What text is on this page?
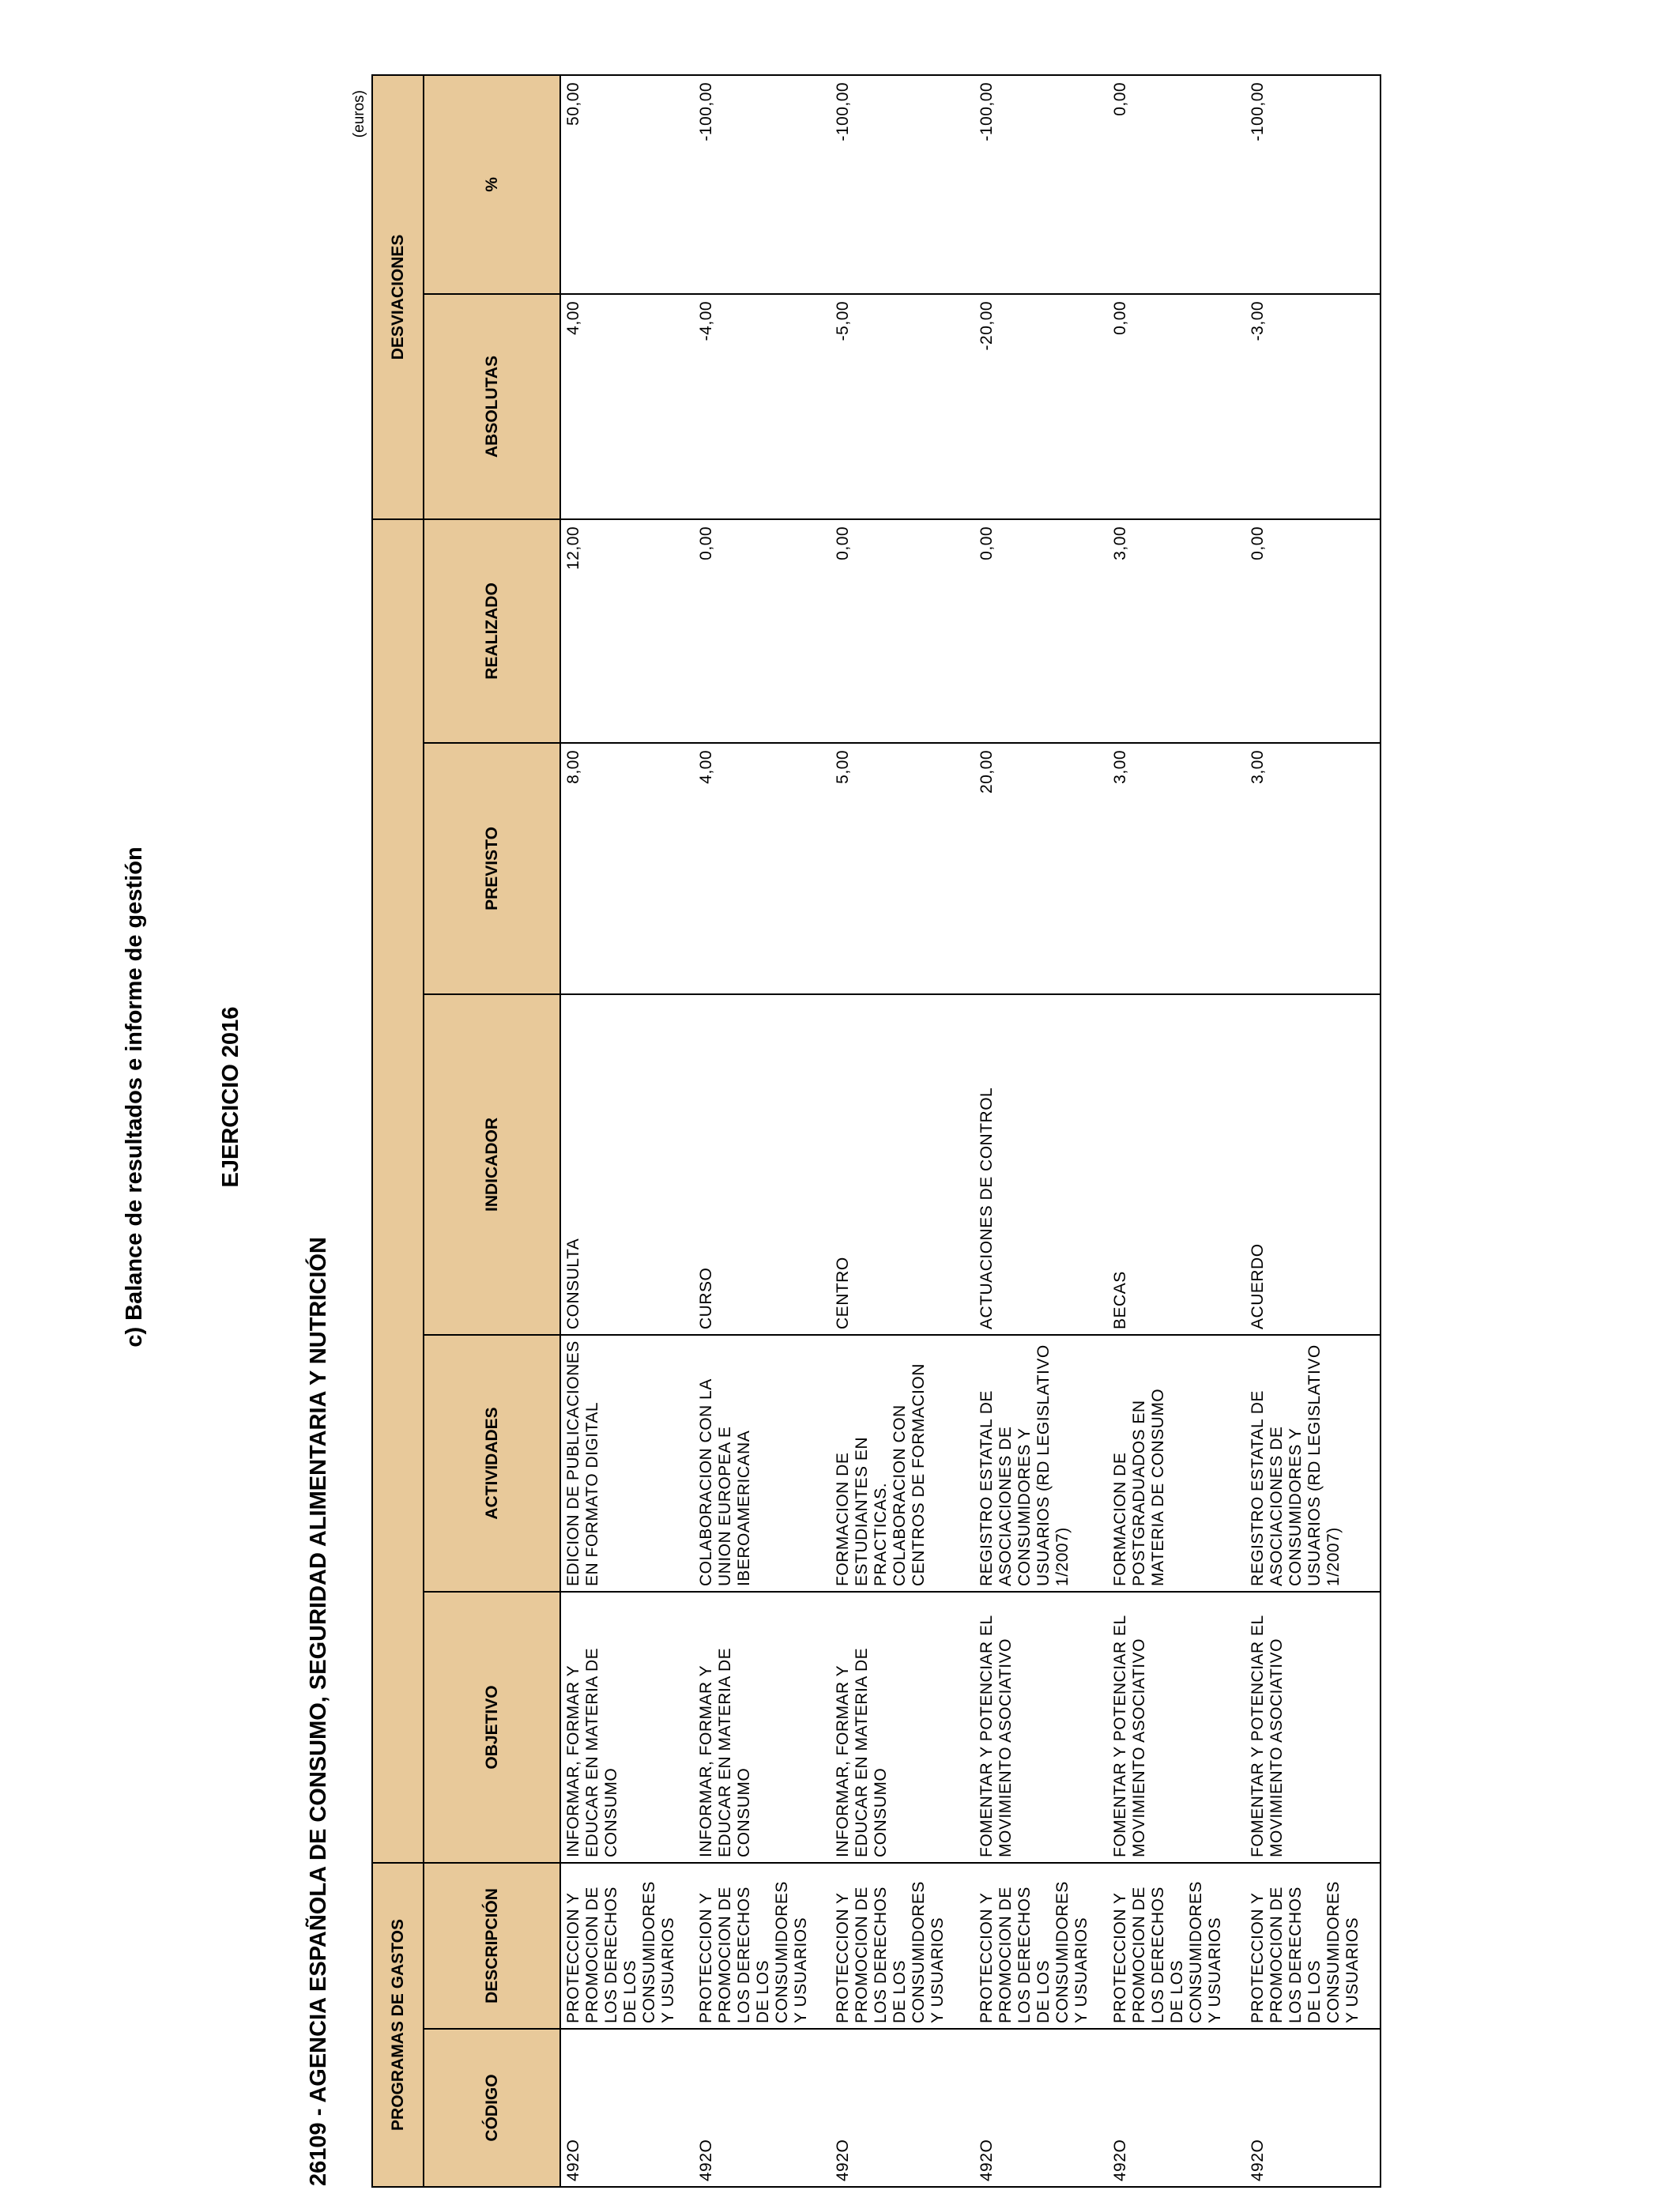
c) Balance de resultados e informe de gestión	EJERCICIO 2016
26109 - AGENCIA ESPAÑOLA DE CONSUMO, SEGURIDAD ALIMENTARIA Y NUTRICIÓN
(euros)
PROGRAMAS DE GASTOS							DESVIACIONES	
CÓDIGO	DESCRIPCIÓN	OBJETIVO	ACTIVIDADES	INDICADOR	PREVISTO	REALIZADO	ABSOLUTAS	%
492O	PROTECCION Y PROMOCION DE LOS DERECHOS DE LOS CONSUMIDORES Y USUARIOS	INFORMAR, FORMAR Y EDUCAR EN MATERIA DE CONSUMO	EDICION DE PUBLICACIONES EN FORMATO DIGITAL	CONSULTA	8,00	12,00	4,00	50,00
492O	PROTECCION Y PROMOCION DE LOS DERECHOS DE LOS CONSUMIDORES Y USUARIOS	INFORMAR, FORMAR Y EDUCAR EN MATERIA DE CONSUMO	COLABORACION CON LA UNION EUROPEA E IBEROAMERICANA	CURSO	4,00	0,00	-4,00	-100,00
492O	PROTECCION Y PROMOCION DE LOS DERECHOS DE LOS CONSUMIDORES Y USUARIOS	INFORMAR, FORMAR Y EDUCAR EN MATERIA DE CONSUMO	FORMACION DE ESTUDIANTES EN PRACTICAS. COLABORACION CON CENTROS DE FORMACION	CENTRO	5,00	0,00	-5,00	-100,00
492O	PROTECCION Y PROMOCION DE LOS DERECHOS DE LOS CONSUMIDORES Y USUARIOS	FOMENTAR Y POTENCIAR EL MOVIMIENTO ASOCIATIVO	REGISTRO ESTATAL DE ASOCIACIONES DE CONSUMIDORES Y USUARIOS (RD LEGISLATIVO 1/2007)	ACTUACIONES DE CONTROL	20,00	0,00	-20,00	-100,00
492O	PROTECCION Y PROMOCION DE LOS DERECHOS DE LOS CONSUMIDORES Y USUARIOS	FOMENTAR Y POTENCIAR EL MOVIMIENTO ASOCIATIVO	FORMACION DE POSTGRADUADOS EN MATERIA DE CONSUMO	BECAS	3,00	3,00	0,00	0,00
492O	PROTECCION Y PROMOCION DE LOS DERECHOS DE LOS CONSUMIDORES Y USUARIOS	FOMENTAR Y POTENCIAR EL MOVIMIENTO ASOCIATIVO	REGISTRO ESTATAL DE ASOCIACIONES DE CONSUMIDORES Y USUARIOS (RD LEGISLATIVO 1/2007)	ACUERDO	3,00	0,00	-3,00	-100,00
